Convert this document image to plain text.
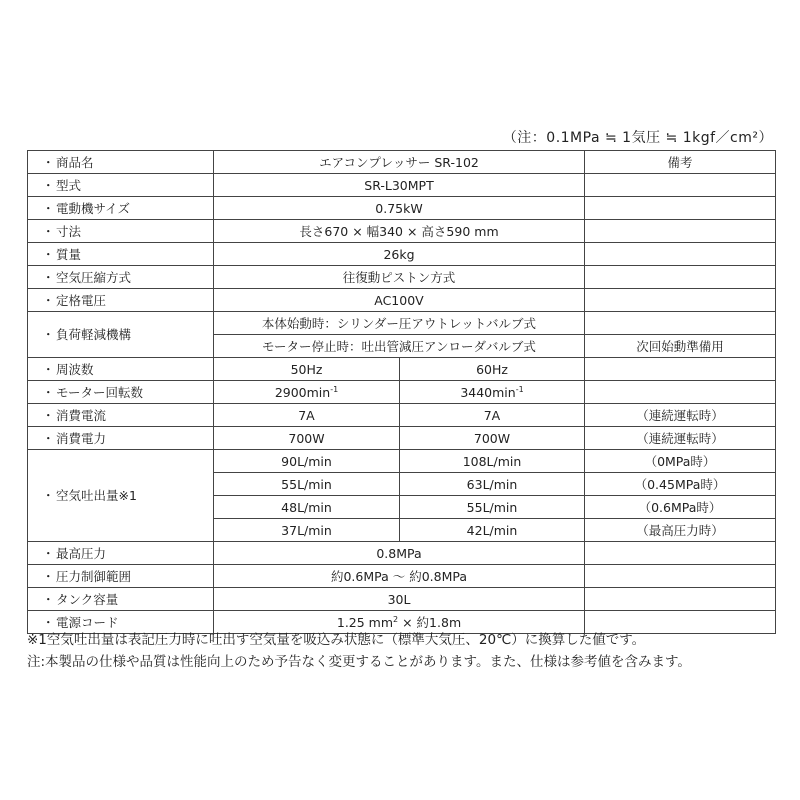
（注：0.1MPa ≒ 1気圧 ≒ 1kgf／cm²）
・商品名	エアコンプレッサー SR-102		備考
・型式	SR-L30MPT		
・電動機サイズ	0.75kW		
・寸法	長さ670 × 幅340 × 高さ590 mm		
・質量	26kg		
・空気圧縮方式	往復動ピストン方式		
・定格電圧	AC100V		
・負荷軽減機構	本体始動時：シリンダー圧アウトレットバルブ式		
	モーター停止時：吐出管減圧アンローダバルブ式		次回始動準備用
・周波数	50Hz	60Hz	
・モーター回転数	$2900\min^{-1}$	$3440\min^{-1}$	
・消費電流	7A	7A	（連続運転時）
・消費電力	700W	700W	（連続運転時）
・空気吐出量※1	90L/min	108L/min	（0MPa時）
	55L/min	63L/min	（0.45MPa時）
	48L/min	55L/min	（0.6MPa時）
	37L/min	42L/min	（最高圧力時）
・最高圧力	0.8MPa		
・圧力制御範囲	約0.6MPa ～ 約0.8MPa		
・タンク容量	30L		
・電源コード	1.25 $mm^2$ × 約1.8m		
※1空気吐出量は表記圧力時に吐出す空気量を吸込み状態に（標準大気圧、20℃）に換算した値です。
注:本製品の仕様や品質は性能向上のため予告なく変更することがあります。また、仕様は参考値を含みます。
